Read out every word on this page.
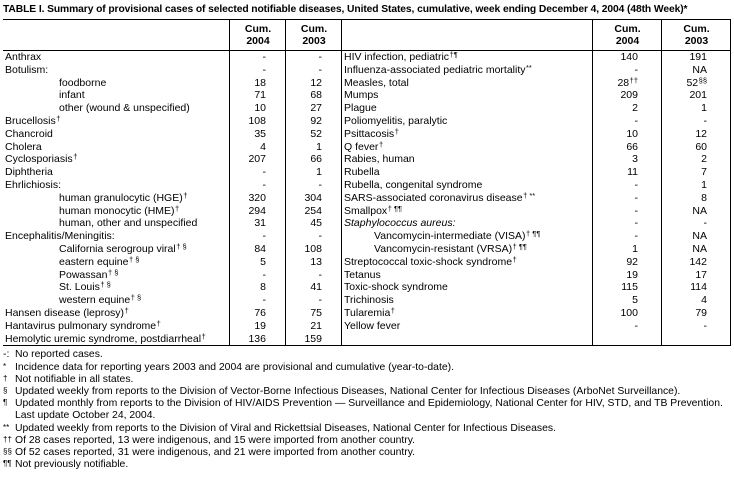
TABLE I. Summary of provisional cases of selected notifiable diseases, United States, cumulative, week ending December 4, 2004 (48th Week)*
Cum.
2004
Cum.
2003
Anthrax	-	-
Botulism:	-	-
foodborne	18	12
infant	71	68
other (wound & unspecified)	10	27
Brucellosis†	108	92
Chancroid	35	52
Cholera	4	1
Cyclosporiasis†	207	66
Diphtheria	-	1
Ehrlichiosis:	-	-
human granulocytic (HGE)†	320	304
human monocytic (HME)†	294	254
human, other and unspecified	31	45
Encephalitis/Meningitis:	-	-
California serogroup viral† §	84	108
eastern equine† §	5	13
Powassan† §	-	-
St. Louis† §	8	41
western equine† §	-	-
Hansen disease (leprosy)†	76	75
Hantavirus pulmonary syndrome†	19	21
Hemolytic uremic syndrome, postdiarrheal†	136	159
Cum.
2004
Cum.
2003
HIV infection, pediatric†¶	140	191
Influenza-associated pediatric mortality**	-	NA
Measles, total	28††	52§§
Mumps	209	201
Plague	2	1
Poliomyelitis, paralytic	-	-
Psittacosis†	10	12
Q fever†	66	60
Rabies, human	3	2
Rubella	11	7
Rubella, congenital syndrome	-	1
SARS-associated coronavirus disease† **	-	8
Smallpox† ¶¶	-	NA
Staphylococcus aureus:	-	-
Vancomycin-intermediate (VISA)† ¶¶	-	NA
Vancomycin-resistant (VRSA)† ¶¶	1	NA
Streptococcal toxic-shock syndrome†	92	142
Tetanus	19	17
Toxic-shock syndrome	115	114
Trichinosis	5	4
Tularemia†	100	79
Yellow fever	-	-
-: No reported cases.
* Incidence data for reporting years 2003 and 2004 are provisional and cumulative (year-to-date).
† Not notifiable in all states.
§ Updated weekly from reports to the Division of Vector-Borne Infectious Diseases, National Center for Infectious Diseases (ArboNet Surveillance).
¶ Updated monthly from reports to the Division of HIV/AIDS Prevention — Surveillance and Epidemiology, National Center for HIV, STD, and TB Prevention. Last update October 24, 2004.
** Updated weekly from reports to the Division of Viral and Rickettsial Diseases, National Center for Infectious Diseases.
†† Of 28 cases reported, 13 were indigenous, and 15 were imported from another country.
§§ Of 52 cases reported, 31 were indigenous, and 21 were imported from another country.
¶¶ Not previously notifiable.
